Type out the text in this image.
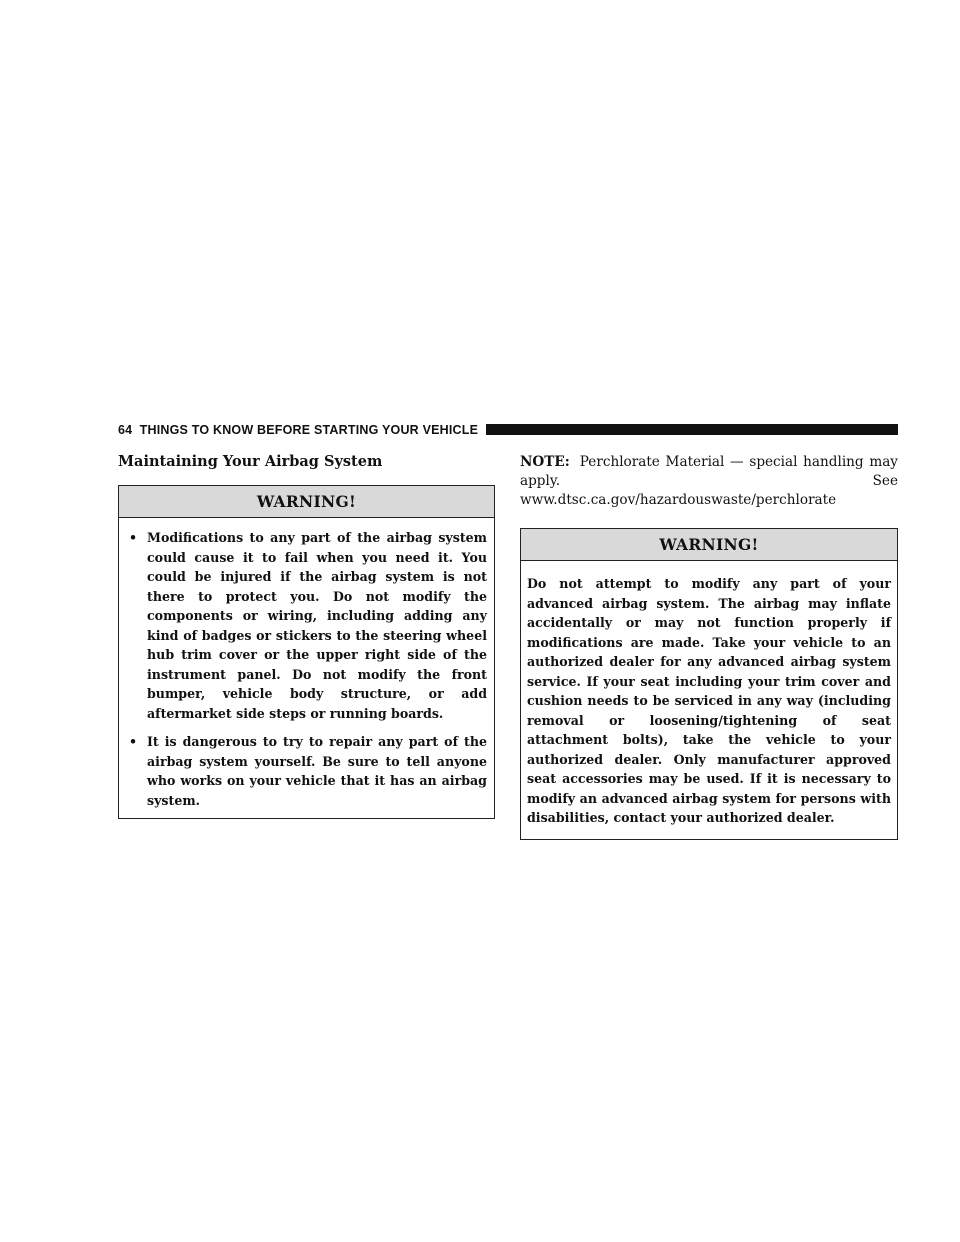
64 THINGS TO KNOW BEFORE STARTING YOUR VEHICLE
Maintaining Your Airbag System
WARNING!
• Modifications to any part of the airbag system could cause it to fail when you need it. You could be injured if the airbag system is not there to protect you. Do not modify the components or wiring, including adding any kind of badges or stickers to the steering wheel hub trim cover or the upper right side of the instrument panel. Do not modify the front bumper, vehicle body structure, or add aftermarket side steps or running boards.
• It is dangerous to try to repair any part of the airbag system yourself. Be sure to tell anyone who works on your vehicle that it has an airbag system.

NOTE: Perchlorate Material — special handling may apply. See www.dtsc.ca.gov/hazardouswaste/perchlorate

WARNING!
Do not attempt to modify any part of your advanced airbag system. The airbag may inflate accidentally or may not function properly if modifications are made. Take your vehicle to an authorized dealer for any advanced airbag system service. If your seat including your trim cover and cushion needs to be serviced in any way (including removal or loosening/tightening of seat attachment bolts), take the vehicle to your authorized dealer. Only manufacturer approved seat accessories may be used. If it is necessary to modify an advanced airbag system for persons with disabilities, contact your authorized dealer.
